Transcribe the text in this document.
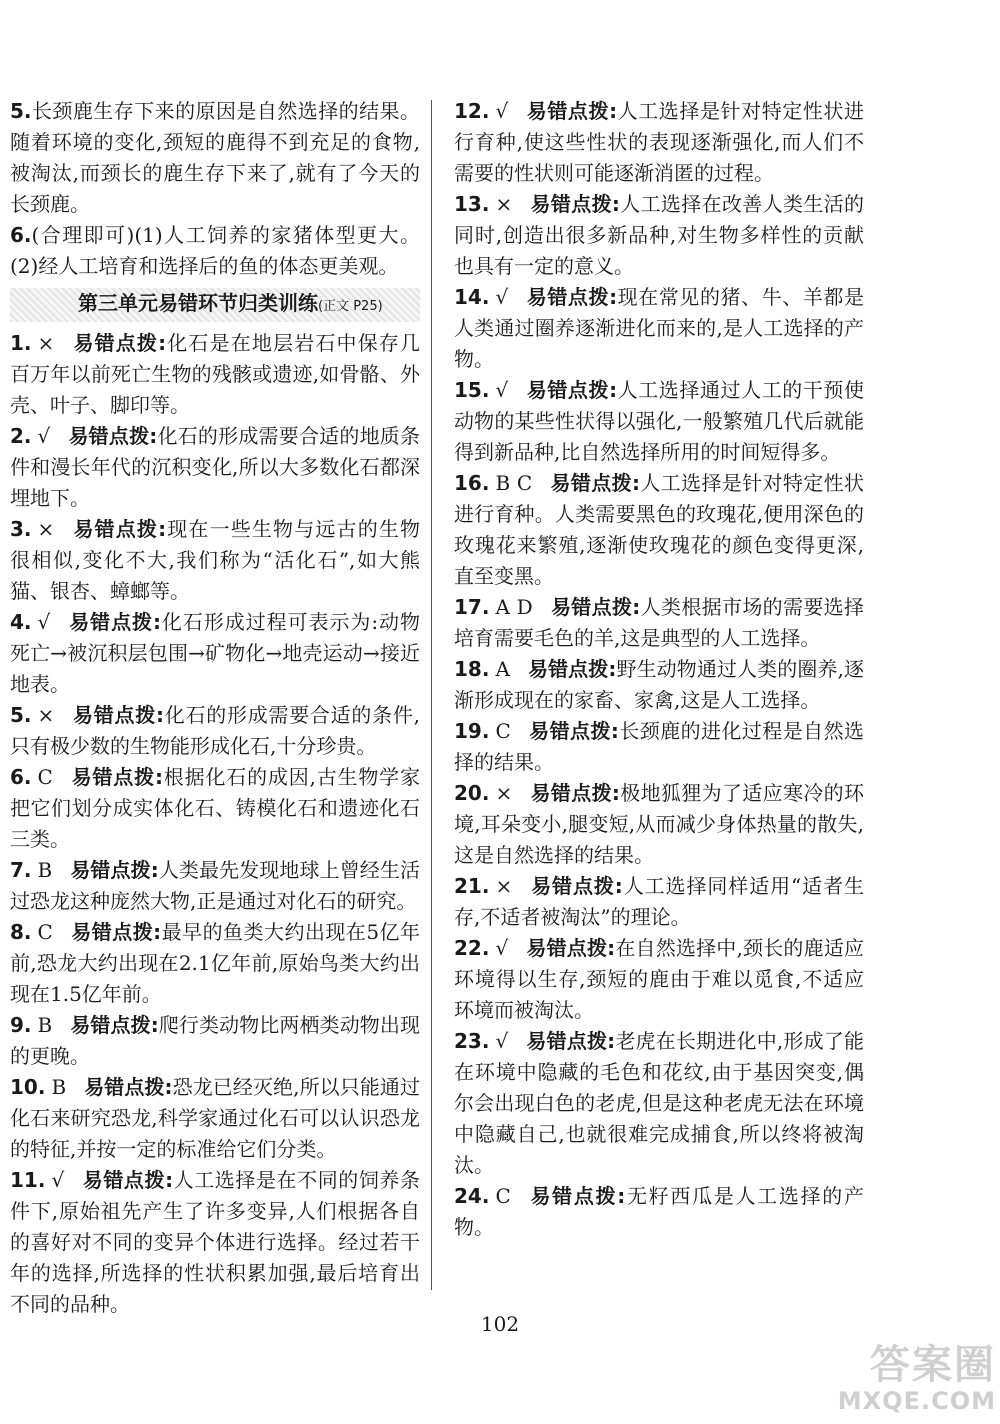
5.长颈鹿生存下来的原因是自然选择的结果。随着环境的变化,颈短的鹿得不到充足的食物,被淘汰,而颈长的鹿生存下来了,就有了今天的长颈鹿。

6.(合理即可)(1)人工饲养的家猪体型更大。(2)经人工培育和选择后的鱼的体态更美观。

第三单元易错环节归类训练(正文 P25)

1. × 易错点拨:化石是在地层岩石中保存几百万年以前死亡生物的残骸或遗迹,如骨骼、外壳、叶子、脚印等。

2. √ 易错点拨:化石的形成需要合适的地质条件和漫长年代的沉积变化,所以大多数化石都深埋地下。

3. × 易错点拨:现在一些生物与远古的生物很相似,变化不大,我们称为“活化石”,如大熊猫、银杏、蟑螂等。

4. √ 易错点拨:化石形成过程可表示为:动物死亡→被沉积层包围→矿物化→地壳运动→接近地表。

5. × 易错点拨:化石的形成需要合适的条件,只有极少数的生物能形成化石,十分珍贵。

6. C 易错点拨:根据化石的成因,古生物学家把它们划分成实体化石、铸模化石和遗迹化石三类。

7. B 易错点拨:人类最先发现地球上曾经生活过恐龙这种庞然大物,正是通过对化石的研究。

8. C 易错点拨:最早的鱼类大约出现在5亿年前,恐龙大约出现在2.1亿年前,原始鸟类大约出现在1.5亿年前。

9. B 易错点拨:爬行类动物比两栖类动物出现的更晚。

10. B 易错点拨:恐龙已经灭绝,所以只能通过化石来研究恐龙,科学家通过化石可以认识恐龙的特征,并按一定的标准给它们分类。

11. √ 易错点拨:人工选择是在不同的饲养条件下,原始祖先产生了许多变异,人们根据各自的喜好对不同的变异个体进行选择。经过若干年的选择,所选择的性状积累加强,最后培育出不同的品种。

12. √ 易错点拨:人工选择是针对特定性状进行育种,使这些性状的表现逐渐强化,而人们不需要的性状则可能逐渐消匿的过程。

13. × 易错点拨:人工选择在改善人类生活的同时,创造出很多新品种,对生物多样性的贡献也具有一定的意义。

14. √ 易错点拨:现在常见的猪、牛、羊都是人类通过圈养逐渐进化而来的,是人工选择的产物。

15. √ 易错点拨:人工选择通过人工的干预使动物的某些性状得以强化,一般繁殖几代后就能得到新品种,比自然选择所用的时间短得多。

16. B C 易错点拨:人工选择是针对特定性状进行育种。人类需要黑色的玫瑰花,便用深色的玫瑰花来繁殖,逐渐使玫瑰花的颜色变得更深,直至变黑。

17. A D 易错点拨:人类根据市场的需要选择培育需要毛色的羊,这是典型的人工选择。

18. A 易错点拨:野生动物通过人类的圈养,逐渐形成现在的家畜、家禽,这是人工选择。

19. C 易错点拨:长颈鹿的进化过程是自然选择的结果。

20. × 易错点拨:极地狐狸为了适应寒冷的环境,耳朵变小,腿变短,从而减少身体热量的散失,这是自然选择的结果。

21. × 易错点拨:人工选择同样适用“适者生存,不适者被淘汰”的理论。

22. √ 易错点拨:在自然选择中,颈长的鹿适应环境得以生存,颈短的鹿由于难以觅食,不适应环境而被淘汰。

23. √ 易错点拨:老虎在长期进化中,形成了能在环境中隐藏的毛色和花纹,由于基因突变,偶尔会出现白色的老虎,但是这种老虎无法在环境中隐藏自己,也就很难完成捕食,所以终将被淘汰。

24. C 易错点拨:无籽西瓜是人工选择的产物。

102
答案圈
MXQE.COM
